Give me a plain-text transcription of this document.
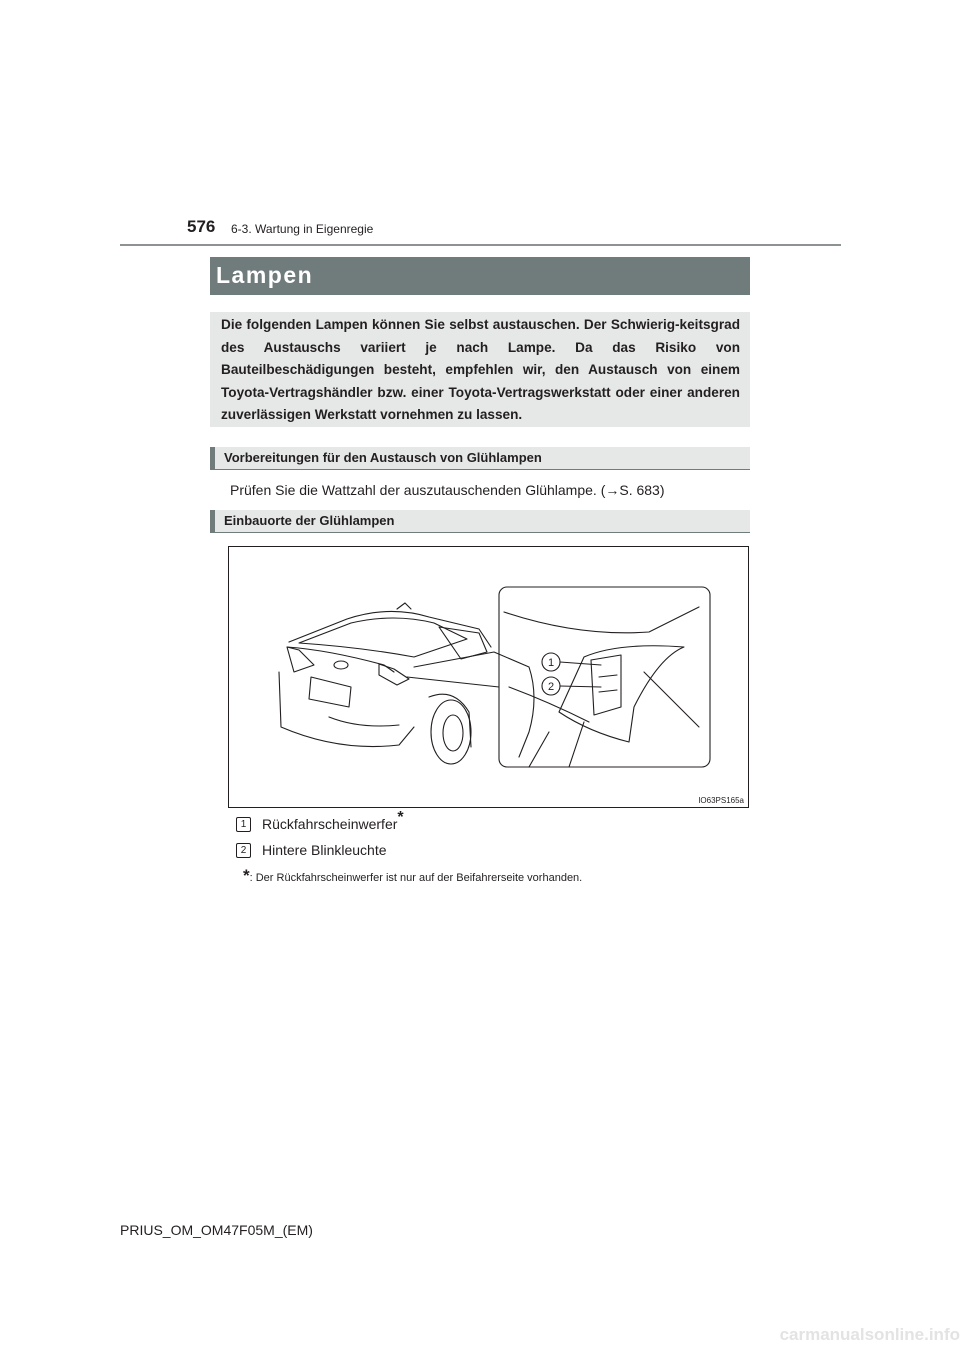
576 6-3. Wartung in Eigenregie
Lampen
Die folgenden Lampen können Sie selbst austauschen. Der Schwierig-keitsgrad des Austauschs variiert je nach Lampe. Da das Risiko von Bauteilbeschädigungen besteht, empfehlen wir, den Austausch von einem Toyota-Vertragshändler bzw. einer Toyota-Vertragswerkstatt oder einer anderen zuverlässigen Werkstatt vornehmen zu lassen.
Vorbereitungen für den Austausch von Glühlampen
Prüfen Sie die Wattzahl der auszutauschenden Glühlampe. (→S. 683)
Einbauorte der Glühlampen
1
2
IO63PS165a
1	Rückfahrscheinwerfer *
2	Hintere Blinkleuchte
* : Der Rückfahrscheinwerfer ist nur auf der Beifahrerseite vorhanden.
PRIUS_OM_OM47F05M_(EM)
carmanualsonline.info
